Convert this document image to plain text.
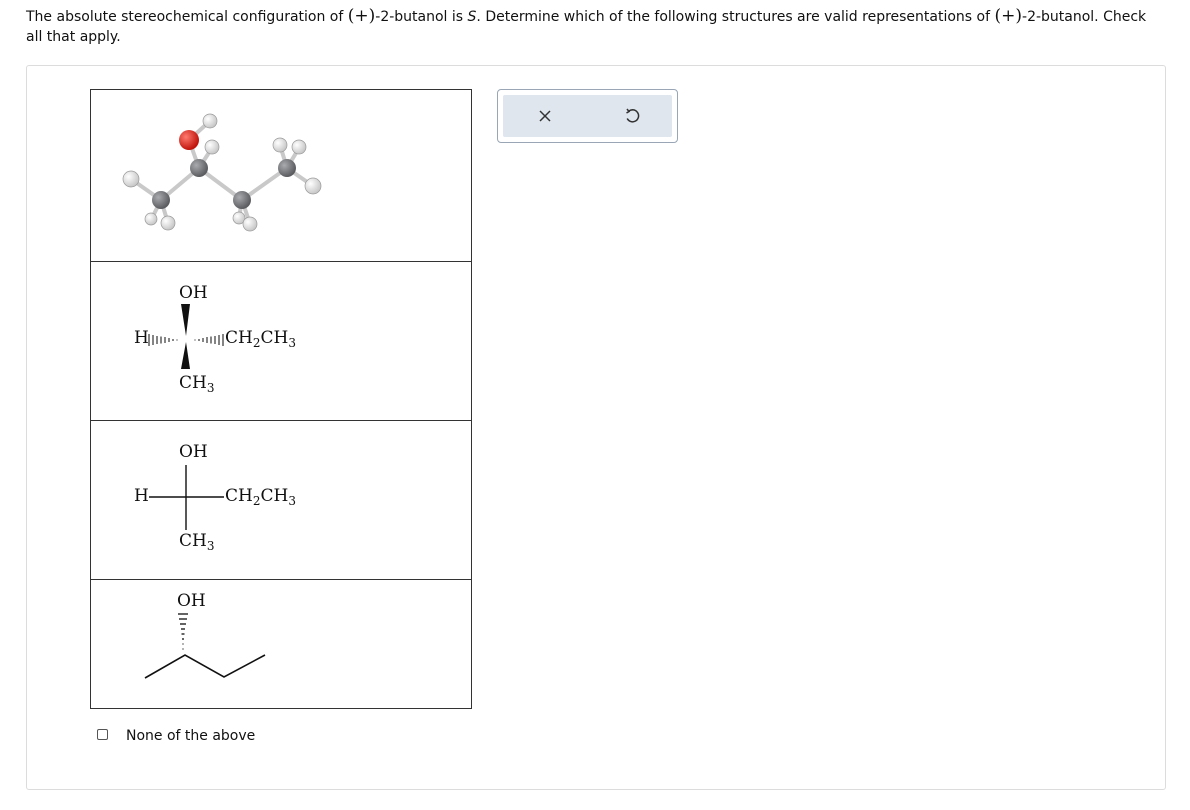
The absolute stereochemical configuration of (+)-2-butanol is S. Determine which of the following structures are valid representations of (+)-2-butanol. Check all that apply.
None of the above
OH
H	$CH_2CH_3$
$CH_3$
OH
H	$CH_2CH_3$
$CH_3$
OH
